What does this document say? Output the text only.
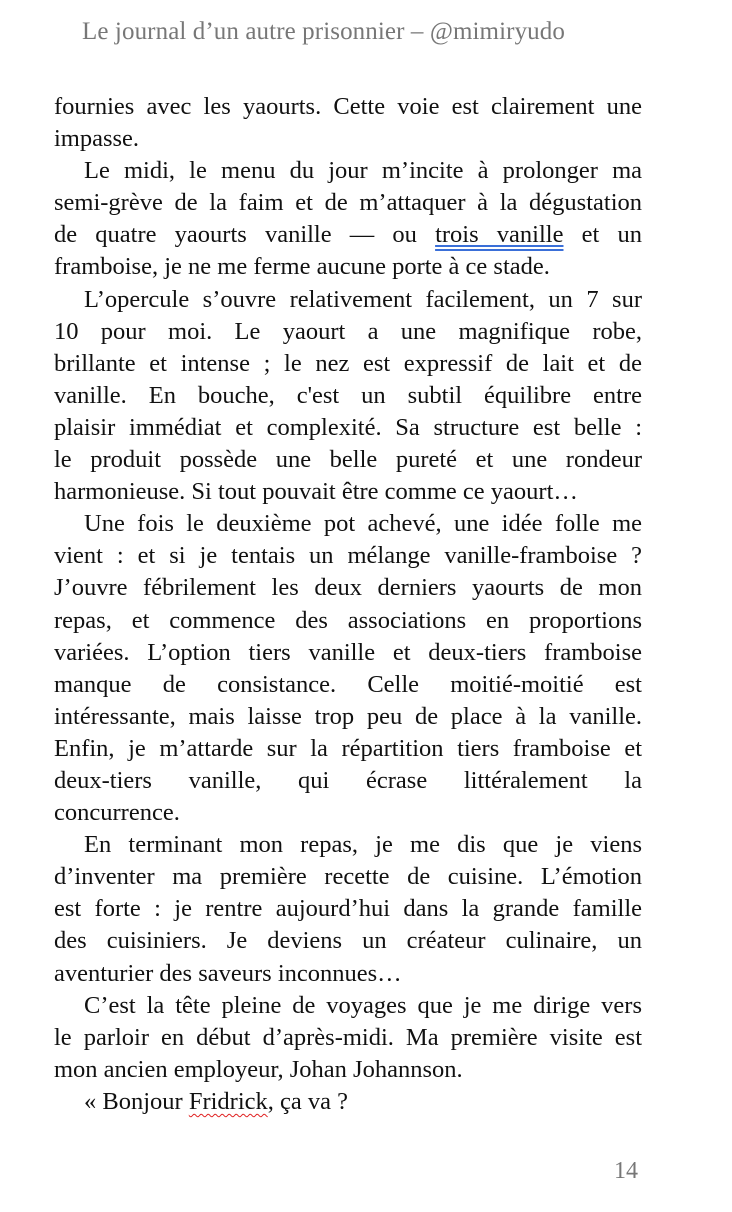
Le journal d’un autre prisonnier – @mimiryudo
fournies avec les yaourts. Cette voie est clairement une
impasse.
Le midi, le menu du jour m’incite à prolonger ma
semi-grève de la faim et de m’attaquer à la dégustation
de quatre yaourts vanille — ou trois vanille et un
framboise, je ne me ferme aucune porte à ce stade.
L’opercule s’ouvre relativement facilement, un 7 sur
10 pour moi. Le yaourt a une magnifique robe,
brillante et intense ; le nez est expressif de lait et de
vanille. En bouche, c'est un subtil équilibre entre
plaisir immédiat et complexité. Sa structure est belle :
le produit possède une belle pureté et une rondeur
harmonieuse. Si tout pouvait être comme ce yaourt…
Une fois le deuxième pot achevé, une idée folle me
vient : et si je tentais un mélange vanille-framboise ?
J’ouvre fébrilement les deux derniers yaourts de mon
repas, et commence des associations en proportions
variées. L’option tiers vanille et deux-tiers framboise
manque de consistance. Celle moitié-moitié est
intéressante, mais laisse trop peu de place à la vanille.
Enfin, je m’attarde sur la répartition tiers framboise et
deux-tiers vanille, qui écrase littéralement la
concurrence.
En terminant mon repas, je me dis que je viens
d’inventer ma première recette de cuisine. L’émotion
est forte : je rentre aujourd’hui dans la grande famille
des cuisiniers. Je deviens un créateur culinaire, un
aventurier des saveurs inconnues…
C’est la tête pleine de voyages que je me dirige vers
le parloir en début d’après-midi. Ma première visite est
mon ancien employeur, Johan Johannson.
« Bonjour Fridrick, ça va ?
14
